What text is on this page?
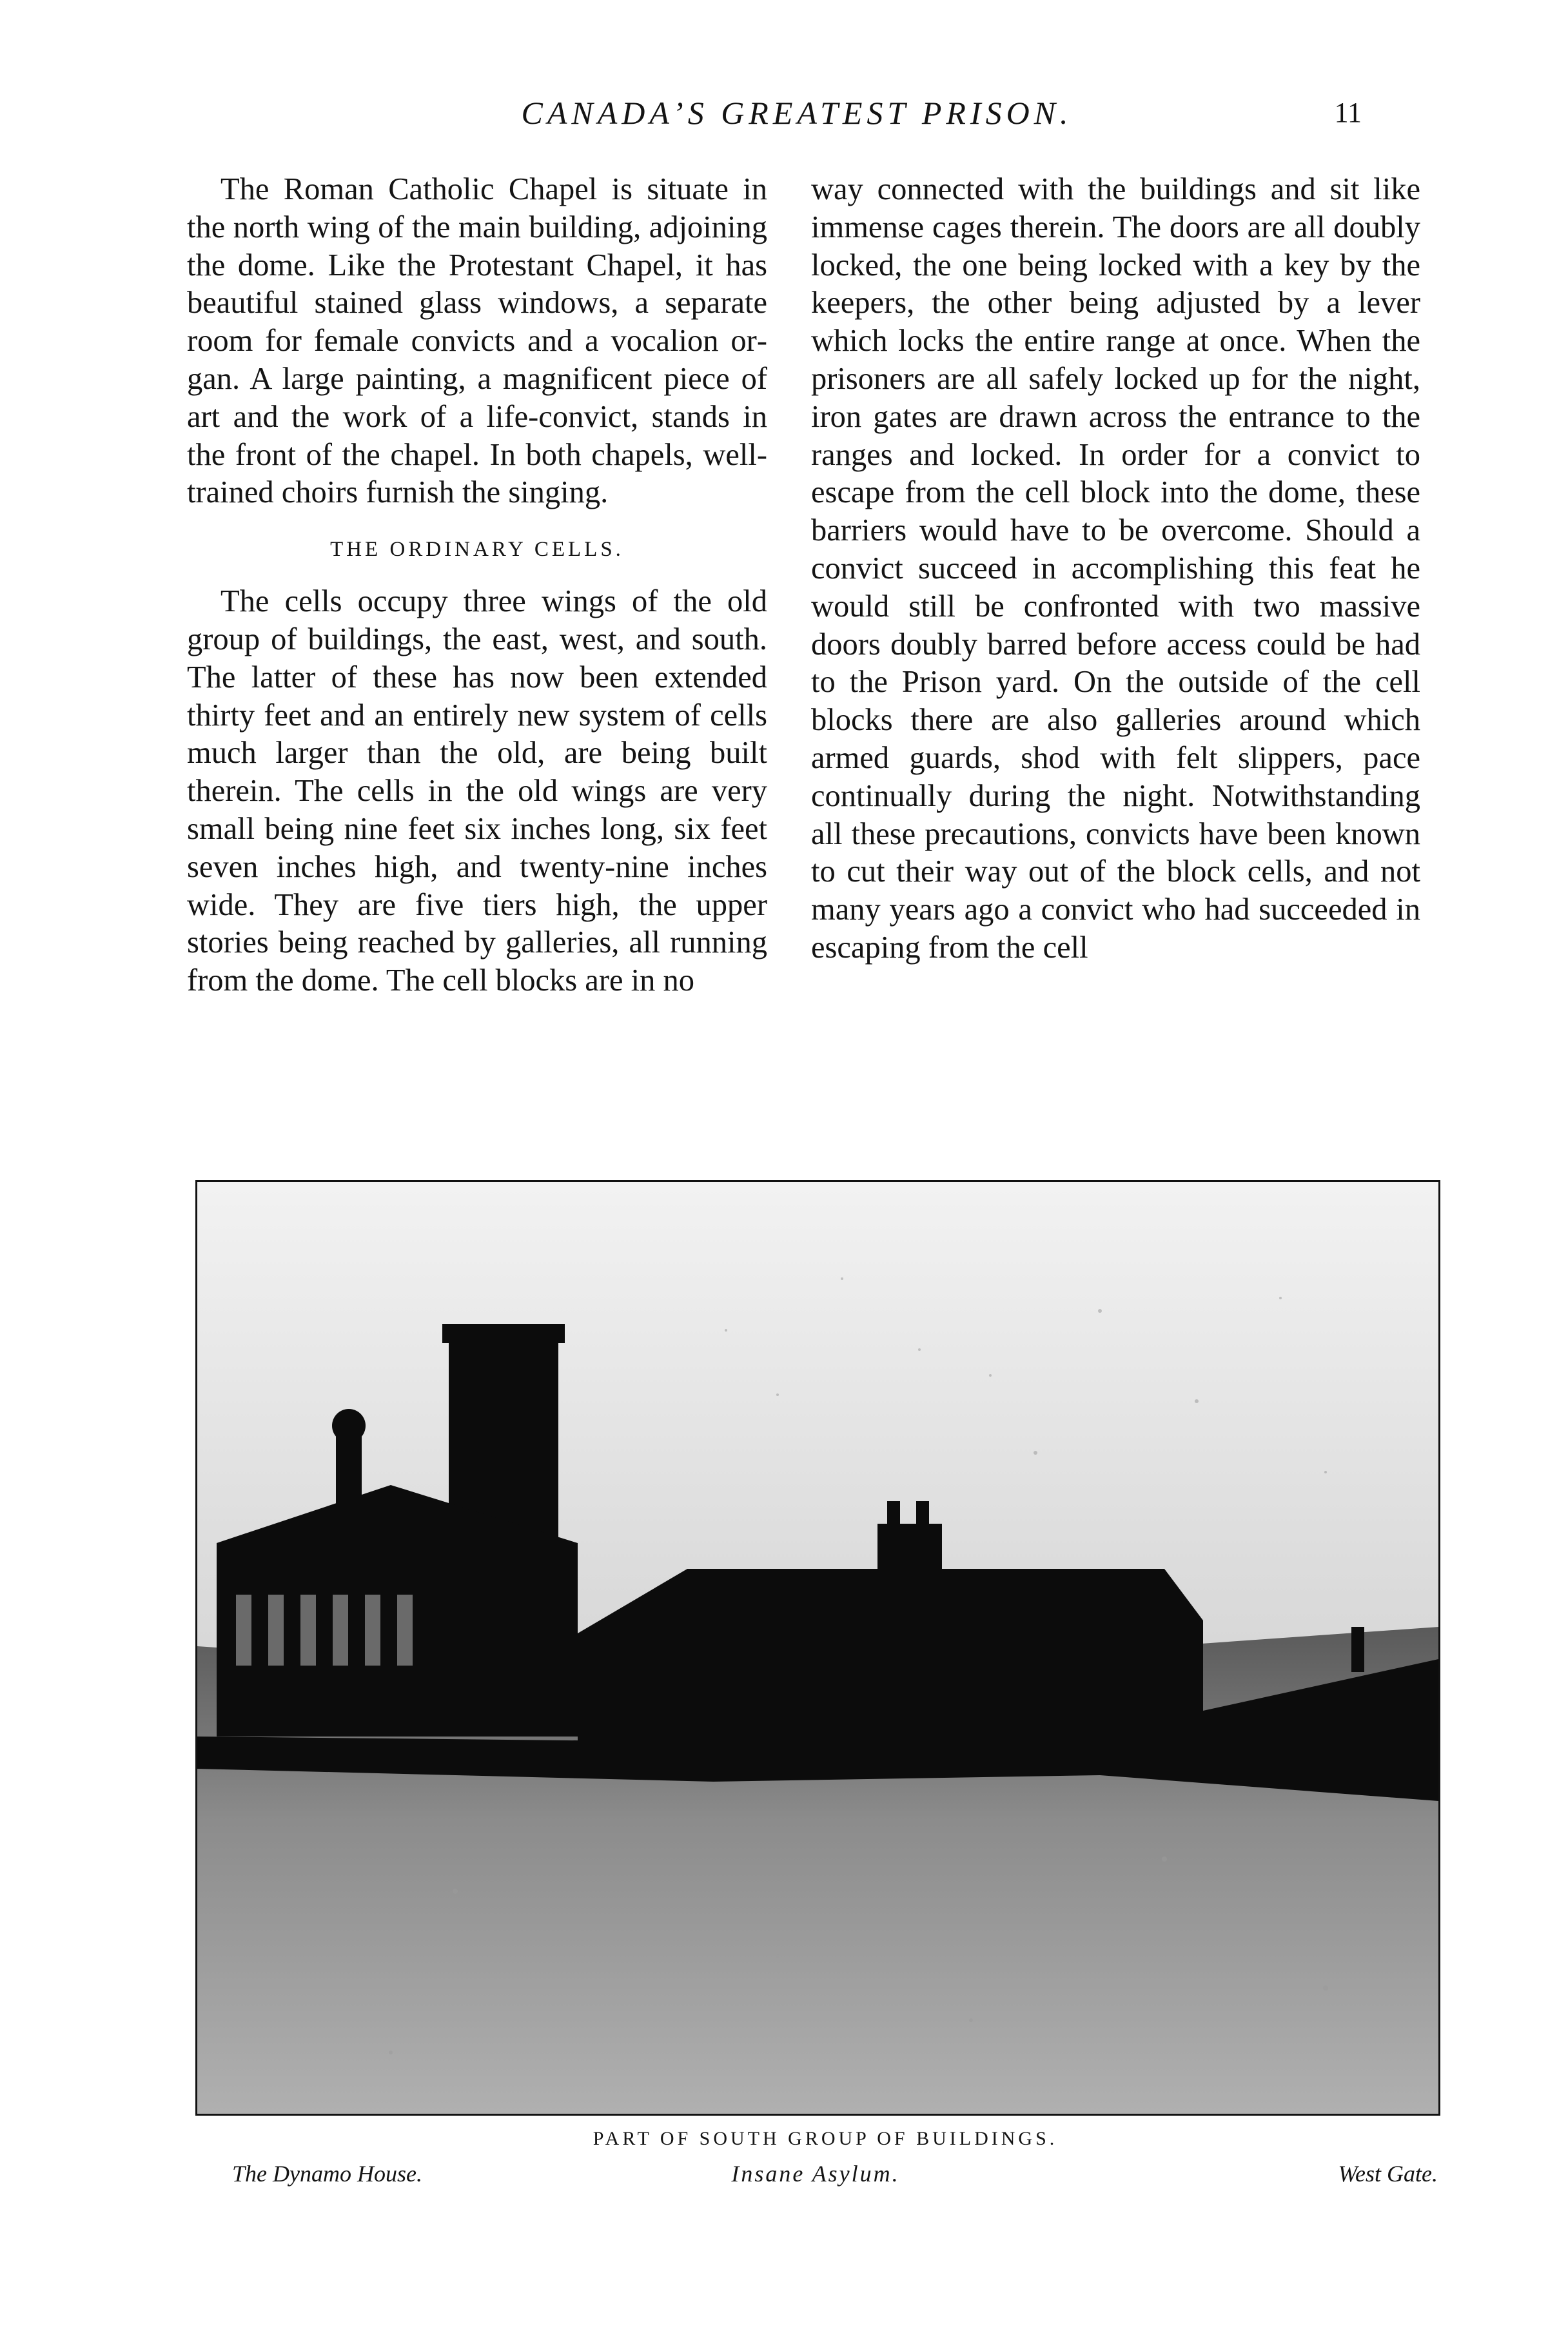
CANADA’S GREATEST PRISON.	11

The Roman Catholic Chapel is situate in the north wing of the main building, adjoining the dome. Like the Protestant Chapel, it has beautiful stained glass windows, a separate room for female convicts and a vocalion organ. A large painting, a magnificent piece of art and the work of a life-convict, stands in the front of the chapel. In both chapels, well-trained choirs furnish the singing.

THE ORDINARY CELLS.

The cells occupy three wings of the old group of buildings, the east, west, and south. The latter of these has now been extended thirty feet and an entirely new system of cells much larger than the old, are being built therein. The cells in the old wings are very small being nine feet six inches long, six feet seven inches high, and twenty-nine inches wide. They are five tiers high, the upper stories being reached by galleries, all running from the dome. The cell blocks are in no

way connected with the buildings and sit like immense cages therein. The doors are all doubly locked, the one being locked with a key by the keepers, the other being adjusted by a lever which locks the entire range at once. When the prisoners are all safely locked up for the night, iron gates are drawn across the entrance to the ranges and locked. In order for a convict to escape from the cell block into the dome, these barriers would have to be overcome. Should a convict succeed in accomplishing this feat he would still be confronted with two massive doors doubly barred before access could be had to the Prison yard. On the outside of the cell blocks there are also galleries around which armed guards, shod with felt slippers, pace continually during the night. Notwithstanding all these precautions, convicts have been known to cut their way out of the block cells, and not many years ago a convict who had succeeded in escaping from the cell

PART OF SOUTH GROUP OF BUILDINGS.
The Dynamo House.	Insane Asylum.	West Gate.
